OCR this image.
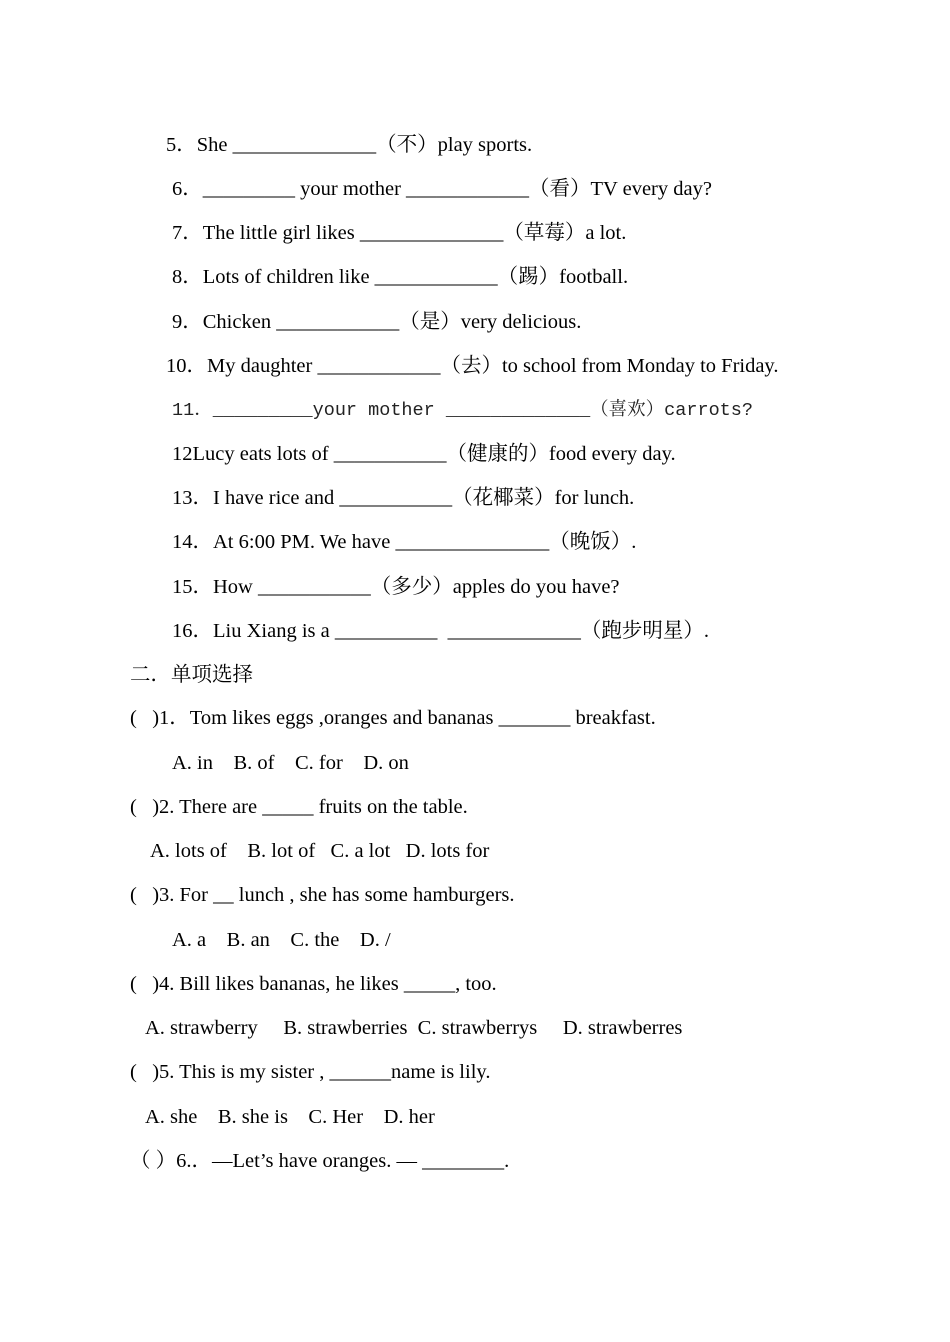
5．She ______________（不）play sports.
6．_________ your mother ____________（看）TV every day?
7．The little girl likes ______________（草莓）a lot.
8．Lots of children like ____________（踢）football.
9．Chicken ____________（是）very delicious.
10．My daughter ____________（去）to school from Monday to Friday.
11．_________your mother _____________（喜欢）carrots?
12Lucy eats lots of ___________（健康的）food every day.
13．I have rice and ___________（花椰菜）for lunch.
14．At 6:00 PM. We have _______________（晚饭）.
15．How ___________（多少）apples do you have?
16．Liu Xiang is a __________  _____________（跑步明星）.
二．单项选择
(   )1．Tom likes eggs ,oranges and bananas _______ breakfast.
A. in    B. of    C. for    D. on
(   )2. There are _____ fruits on the table.
A. lots of    B. lot of   C. a lot   D. lots for
(   )3. For __ lunch , she has some hamburgers.
A. a    B. an    C. the    D. /
(   )4. Bill likes bananas, he likes _____, too.
A. strawberry     B. strawberries  C. strawberrys     D. strawberres
(   )5. This is my sister , ______name is lily.
A. she    B. she is    C. Her    D. her
（ ）6.．—Let’s have oranges. — ________.
